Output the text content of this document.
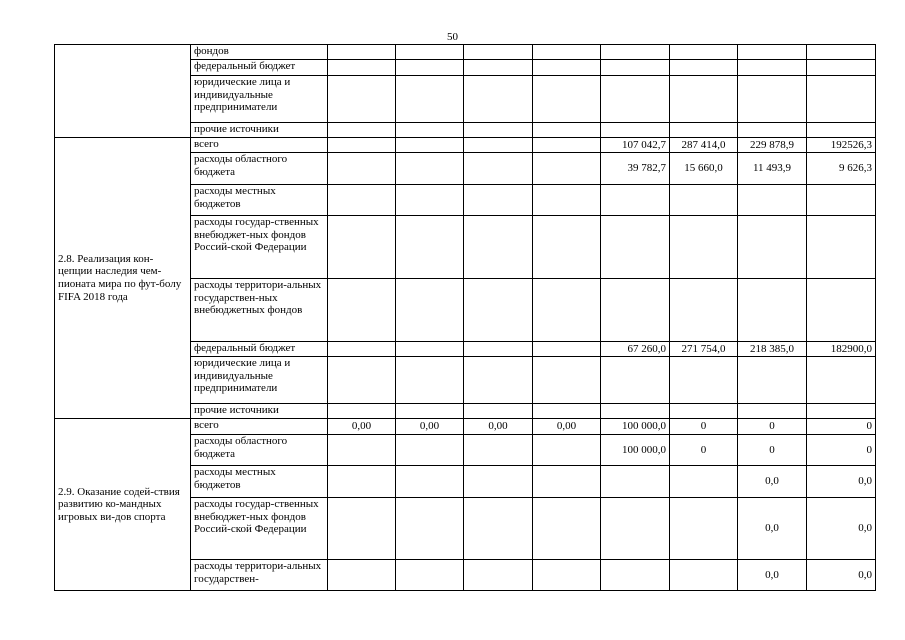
50
	фондов								
	федеральный бюджет								
	юридические лица и индивидуальные предприниматели								
	прочие источники								
2.8. Реализация кон-цепции наследия чем-пионата мира по фут-болу FIFA 2018 года	всего					107 042,7	287 414,0	229 878,9	192526,3
	расходы областного бюджета					39 782,7	15 660,0	11 493,9	9 626,3
	расходы местных бюджетов								
	расходы государ-ственных внебюджет-ных фондов Россий-ской Федерации								
	расходы территори-альных государствен-ных внебюджетных фондов								
	федеральный бюджет					67 260,0	271 754,0	218 385,0	182900,0
	юридические лица и индивидуальные предприниматели								
	прочие источники								
2.9. Оказание содей-ствия развитию ко-мандных игровых ви-дов спорта	всего	0,00	0,00	0,00	0,00	100 000,0	0	0	0
	расходы областного бюджета					100 000,0	0	0	0
	расходы местных бюджетов							0,0	0,0
	расходы государ-ственных внебюджет-ных фондов Россий-ской Федерации							0,0	0,0
	расходы территори-альных государствен-							0,0	0,0
